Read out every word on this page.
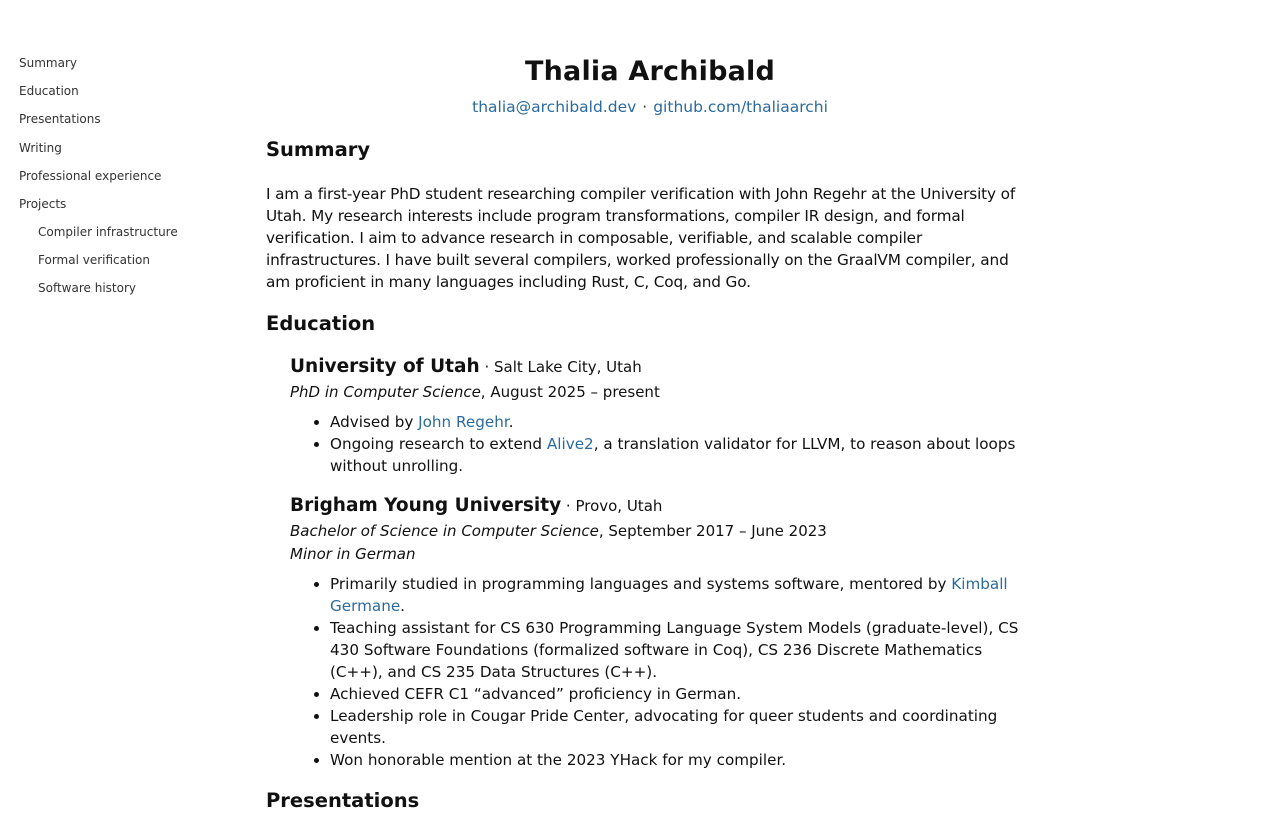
Summary
Education
Presentations
Writing
Professional experience
Projects
Compiler infrastructure
Formal verification
Software history
Thalia Archibald
thalia@archibald.dev · github.com/thaliaarchi
Summary

I am a first-year PhD student researching compiler verification with John Regehr at the University of Utah. My research interests include program transformations, compiler IR design, and formal verification. I aim to advance research in composable, verifiable, and scalable compiler infrastructures. I have built several compilers, worked professionally on the GraalVM compiler, and am proficient in many languages including Rust, C, Coq, and Go.

Education
University of Utah · Salt Lake City, Utah
PhD in Computer Science, August 2025 – present
• Advised by John Regehr.
• Ongoing research to extend Alive2, a translation validator for LLVM, to reason about loops without unrolling.
Brigham Young University · Provo, Utah
Bachelor of Science in Computer Science, September 2017 – June 2023
Minor in German
• Primarily studied in programming languages and systems software, mentored by Kimball Germane.
• Teaching assistant for CS 630 Programming Language System Models (graduate-level), CS 430 Software Foundations (formalized software in Coq), CS 236 Discrete Mathematics (C++), and CS 235 Data Structures (C++).
• Achieved CEFR C1 “advanced” proficiency in German.
• Leadership role in Cougar Pride Center, advocating for queer students and coordinating events.
• Won honorable mention at the 2023 YHack for my compiler.
Presentations
